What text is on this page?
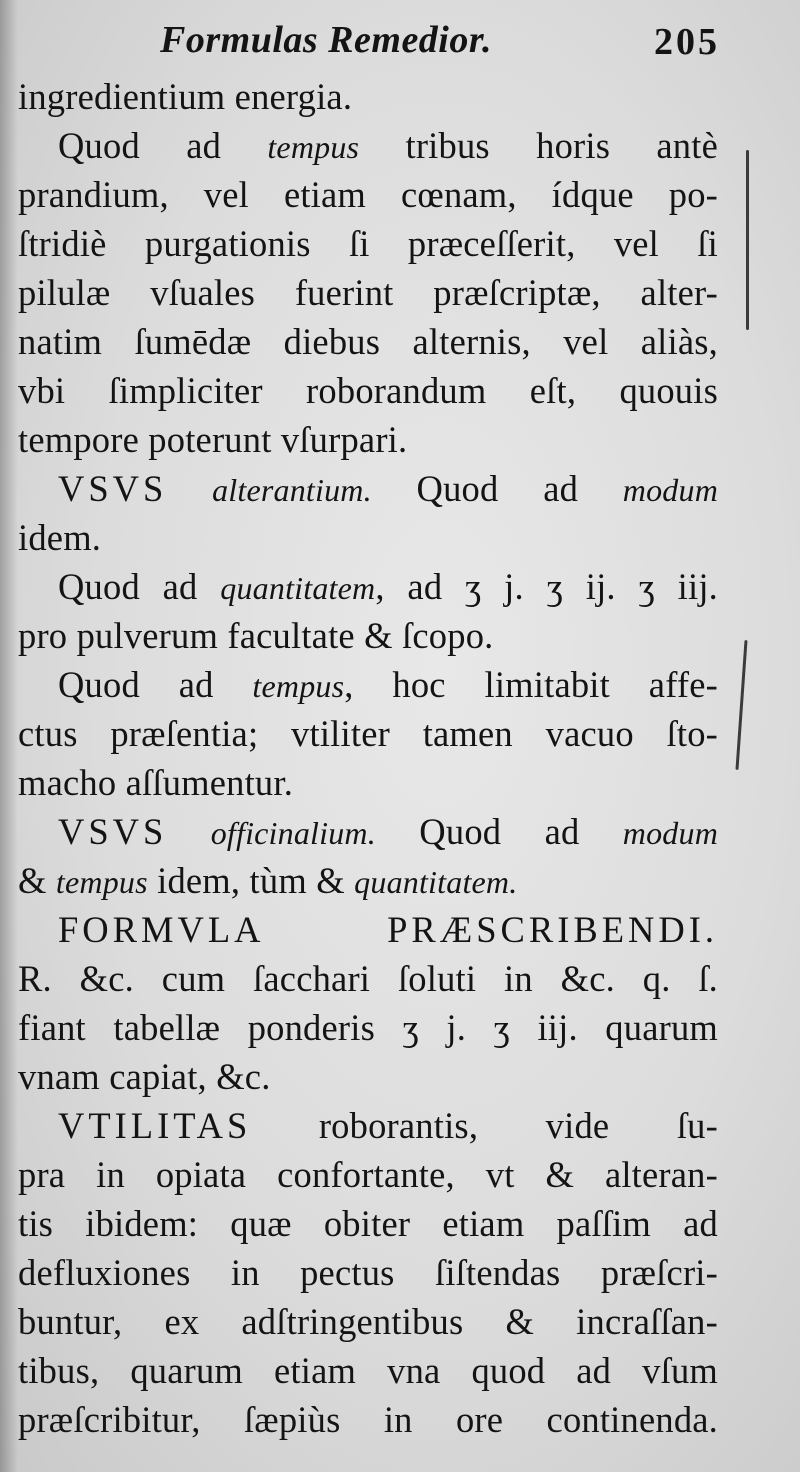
Formulas Remedior.	205
ingredientium energia.
Quod ad tempus tribus horis antè
prandium, vel etiam cœnam, ídque po-
ſtridiè purgationis ſi præceſſerit, vel ſi
pilulæ vſuales fuerint præſcriptæ, alter-
natim ſumēdæ diebus alternis, vel aliàs,
vbi ſimpliciter roborandum eſt, quouis
tempore poterunt vſurpari.
VSVS alterantium. Quod ad modum
idem.
Quod ad quantitatem, ad ʒ j. ʒ ij. ʒ iij.
pro pulverum facultate & ſcopo.
Quod ad tempus, hoc limitabit affe-
ctus præſentia; vtiliter tamen vacuo ſto-
macho aſſumentur.
VSVS officinalium. Quod ad modum
& tempus idem, tùm & quantitatem.
FORMVLA PRÆSCRIBENDI.
R. &c. cum ſacchari ſoluti in &c. q. ſ.
fiant tabellæ ponderis ʒ j. ʒ iij. quarum
vnam capiat, &c.
VTILITAS roborantis, vide ſu-
pra in opiata confortante, vt & alteran-
tis ibidem: quæ obiter etiam paſſim ad
defluxiones in pectus ſiſtendas præſcri-
buntur, ex adſtringentibus & incraſſan-
tibus, quarum etiam vna quod ad vſum
præſcribitur, ſæpiùs in ore continenda.
